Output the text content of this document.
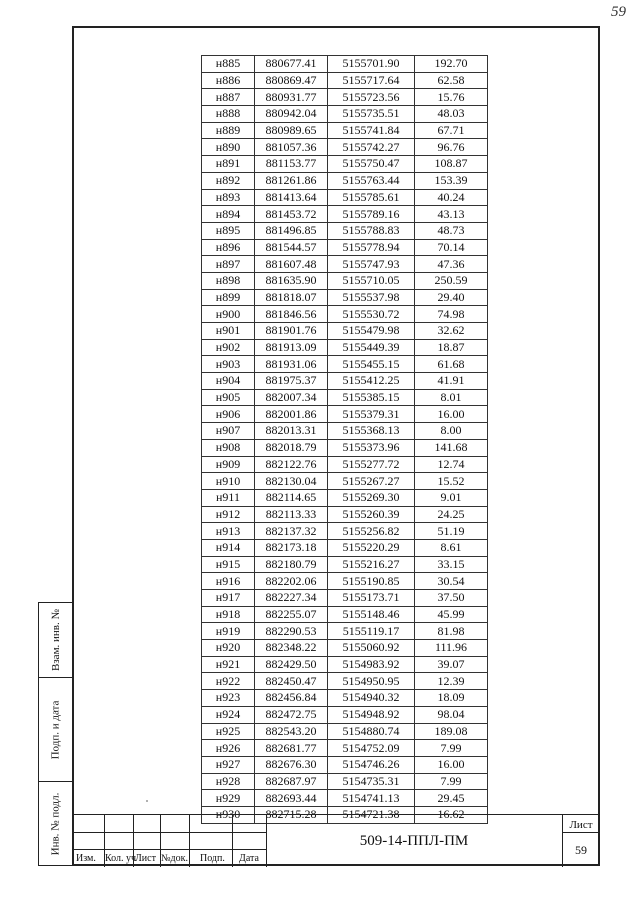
59
н885	880677.41	5155701.90	192.70
н886	880869.47	5155717.64	62.58
н887	880931.77	5155723.56	15.76
н888	880942.04	5155735.51	48.03
н889	880989.65	5155741.84	67.71
н890	881057.36	5155742.27	96.76
н891	881153.77	5155750.47	108.87
н892	881261.86	5155763.44	153.39
н893	881413.64	5155785.61	40.24
н894	881453.72	5155789.16	43.13
н895	881496.85	5155788.83	48.73
н896	881544.57	5155778.94	70.14
н897	881607.48	5155747.93	47.36
н898	881635.90	5155710.05	250.59
н899	881818.07	5155537.98	29.40
н900	881846.56	5155530.72	74.98
н901	881901.76	5155479.98	32.62
н902	881913.09	5155449.39	18.87
н903	881931.06	5155455.15	61.68
н904	881975.37	5155412.25	41.91
н905	882007.34	5155385.15	8.01
н906	882001.86	5155379.31	16.00
н907	882013.31	5155368.13	8.00
н908	882018.79	5155373.96	141.68
н909	882122.76	5155277.72	12.74
н910	882130.04	5155267.27	15.52
н911	882114.65	5155269.30	9.01
н912	882113.33	5155260.39	24.25
н913	882137.32	5155256.82	51.19
н914	882173.18	5155220.29	8.61
н915	882180.79	5155216.27	33.15
н916	882202.06	5155190.85	30.54
н917	882227.34	5155173.71	37.50
н918	882255.07	5155148.46	45.99
н919	882290.53	5155119.17	81.98
н920	882348.22	5155060.92	111.96
н921	882429.50	5154983.92	39.07
н922	882450.47	5154950.95	12.39
н923	882456.84	5154940.32	18.09
н924	882472.75	5154948.92	98.04
н925	882543.20	5154880.74	189.08
н926	882681.77	5154752.09	7.99
н927	882676.30	5154746.26	16.00
н928	882687.97	5154735.31	7.99
н929	882693.44	5154741.13	29.45
н930	882715.28	5154721.38	16.62
Взам. инв. №
Подп. и дата
Инв. № подл.
Изм. Кол. уч
Лист №док. Подп. Дата
509-14-ППЛ-ПМ
Лист
59
